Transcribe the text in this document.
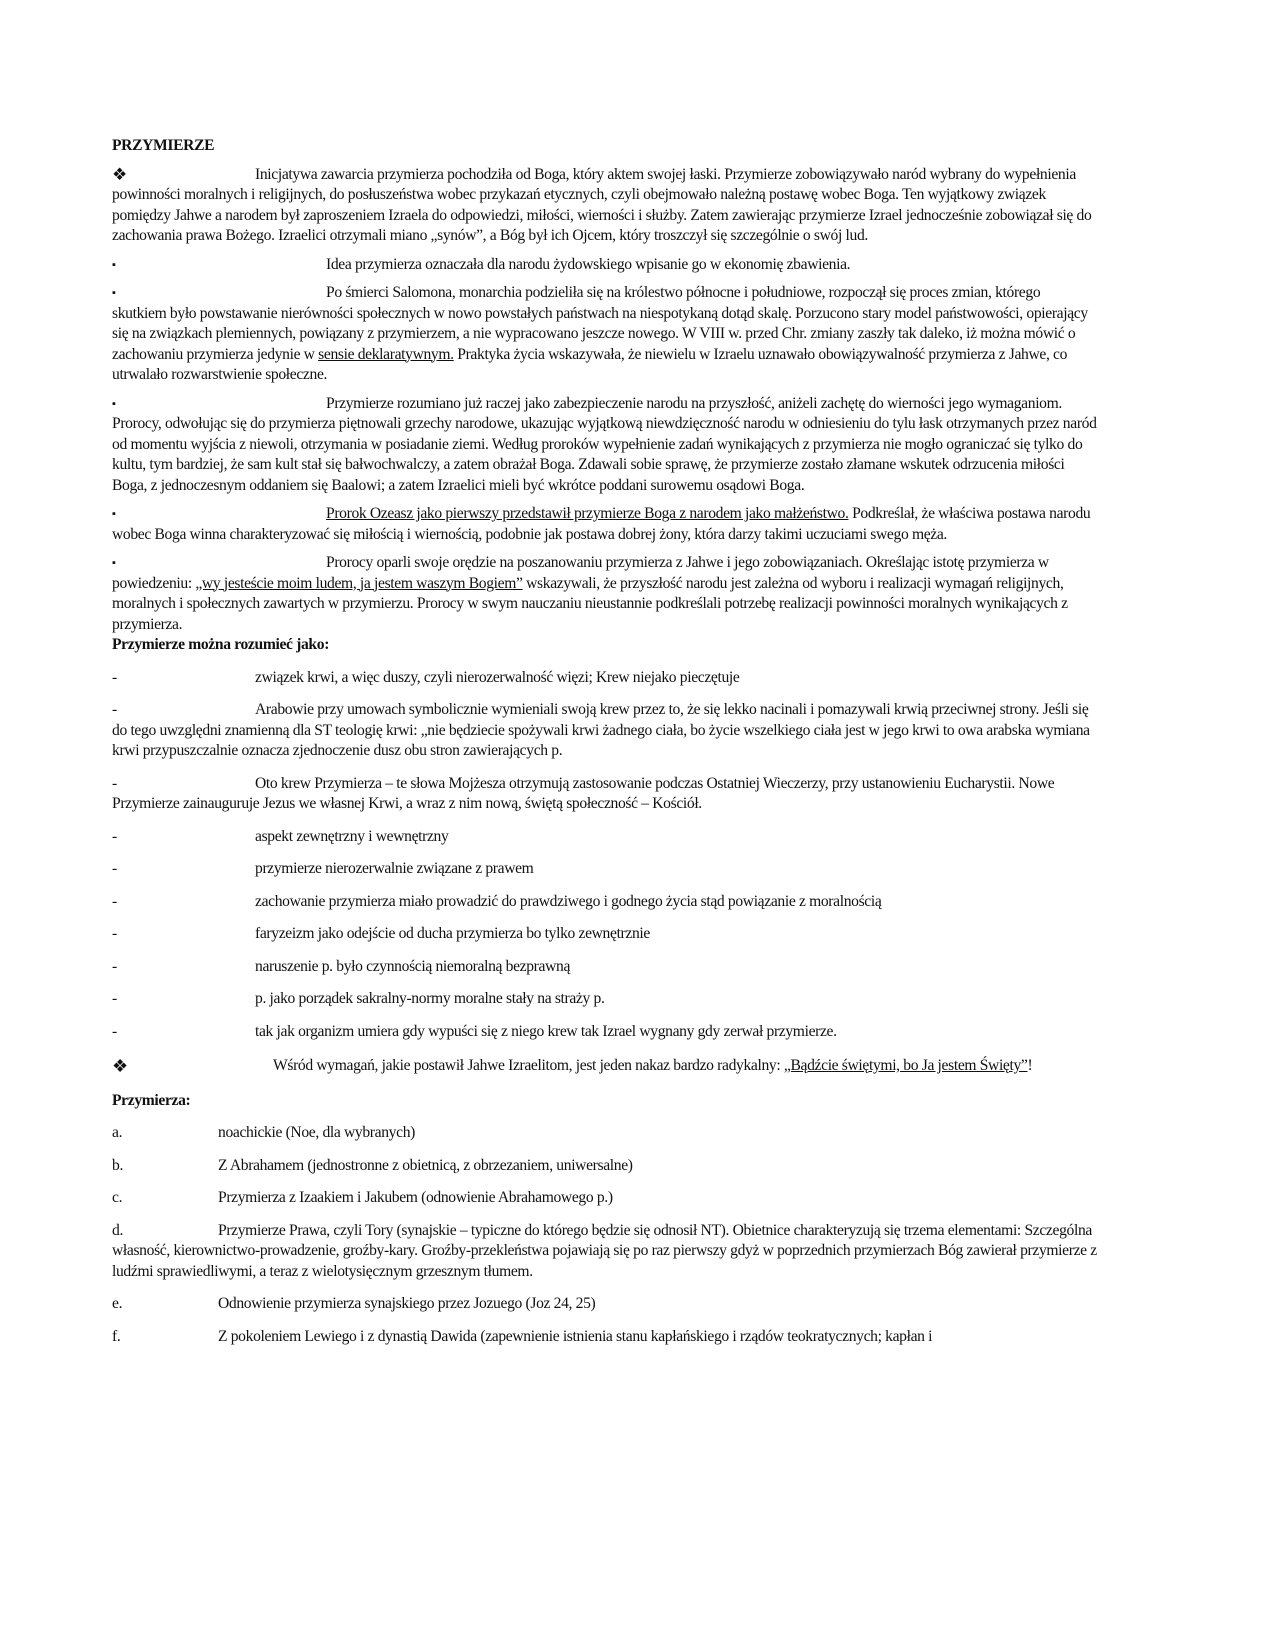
PRZYMIERZE
❖	Inicjatywa zawarcia przymierza pochodziła od Boga, który aktem swojej łaski. Przymierze zobowiązywało naród wybrany do wypełnienia powinności moralnych i religijnych, do posłuszeństwa wobec przykazań etycznych, czyli obejmowało należną postawę wobec Boga. Ten wyjątkowy związek pomiędzy Jahwe a narodem był zaproszeniem Izraela do odpowiedzi, miłości, wierności i służby. Zatem zawierając przymierze Izrael jednocześnie zobowiązał się do zachowania prawa Bożego. Izraelici otrzymali miano „synów”, a Bóg był ich Ojcem, który troszczył się szczególnie o swój lud.
▪	Idea przymierza oznaczała dla narodu żydowskiego wpisanie go w ekonomię zbawienia.
▪	Po śmierci Salomona, monarchia podzieliła się na królestwo północne i południowe, rozpoczął się proces zmian, którego skutkiem było powstawanie nierówności społecznych w nowo powstałych państwach na niespotykaną dotąd skalę. Porzucono stary model państwowości, opierający się na związkach plemiennych, powiązany z przymierzem, a nie wypracowano jeszcze nowego. W VIII w. przed Chr. zmiany zaszły tak daleko, iż można mówić o zachowaniu przymierza jedynie w sensie deklaratywnym. Praktyka życia wskazywała, że niewielu w Izraelu uznawało obowiązywalność przymierza z Jahwe, co utrwalało rozwarstwienie społeczne.
▪	Przymierze rozumiano już raczej jako zabezpieczenie narodu na przyszłość, aniżeli zachętę do wierności jego wymaganiom. Prorocy, odwołując się do przymierza piętnowali grzechy narodowe, ukazując wyjątkową niewdzięczność narodu w odniesieniu do tylu łask otrzymanych przez naród od momentu wyjścia z niewoli, otrzymania w posiadanie ziemi. Według proroków wypełnienie zadań wynikających z przymierza nie mogło ograniczać się tylko do kultu, tym bardziej, że sam kult stał się bałwochwalczy, a zatem obrażał Boga. Zdawali sobie sprawę, że przymierze zostało złamane wskutek odrzucenia miłości Boga, z jednoczesnym oddaniem się Baalowi; a zatem Izraelici mieli być wkrótce poddani surowemu osądowi Boga.
▪	Prorok Ozeasz jako pierwszy przedstawił przymierze Boga z narodem jako małżeństwo. Podkreślał, że właściwa postawa narodu wobec Boga winna charakteryzować się miłością i wiernością, podobnie jak postawa dobrej żony, która darzy takimi uczuciami swego męża.
▪	Prorocy oparli swoje orędzie na poszanowaniu przymierza z Jahwe i jego zobowiązaniach. Określając istotę przymierza w powiedzeniu: „wy jesteście moim ludem, ja jestem waszym Bogiem” wskazywali, że przyszłość narodu jest zależna od wyboru i realizacji wymagań religijnych, moralnych i społecznych zawartych w przymierzu. Prorocy w swym nauczaniu nieustannie podkreślali potrzebę realizacji powinności moralnych wynikających z przymierza.
Przymierze można rozumieć jako:
-	związek krwi, a więc duszy, czyli nierozerwalność więzi; Krew niejako pieczętuje
-	Arabowie przy umowach symbolicznie wymieniali swoją krew przez to, że się lekko nacinali i pomazywali krwią przeciwnej strony. Jeśli się do tego uwzględni znamienną dla ST teologię krwi: „nie będziecie spożywali krwi żadnego ciała, bo życie wszelkiego ciała jest w jego krwi to owa arabska wymiana krwi przypuszczalnie oznacza zjednoczenie dusz obu stron zawierających p.
-	Oto krew Przymierza – te słowa Mojżesza otrzymują zastosowanie podczas Ostatniej Wieczerzy, przy ustanowieniu Eucharystii. Nowe Przymierze zainauguruje Jezus we własnej Krwi, a wraz z nim nową, świętą społeczność – Kościół.
-	aspekt zewnętrzny i wewnętrzny
-	przymierze nierozerwalnie związane z prawem
-	zachowanie przymierza miało prowadzić do prawdziwego i godnego życia stąd powiązanie z moralnością
-	faryzeizm jako odejście od ducha przymierza bo tylko zewnętrznie
-	naruszenie p. było czynnością niemoralną bezprawną
-	p. jako porządek sakralny-normy moralne stały na straży p.
-	tak jak organizm umiera gdy wypuści się z niego krew tak Izrael wygnany gdy zerwał przymierze.
❖	Wśród wymagań, jakie postawił Jahwe Izraelitom, jest jeden nakaz bardzo radykalny: „Bądźcie świętymi, bo Ja jestem Święty”!
Przymierza:
a.	noachickie (Noe, dla wybranych)
b.	Z Abrahamem (jednostronne z obietnicą, z obrzezaniem, uniwersalne)
c.	Przymierza z Izaakiem i Jakubem (odnowienie Abrahamowego p.)
d.	Przymierze Prawa, czyli Tory (synajskie – typiczne do którego będzie się odnosił NT). Obietnice charakteryzują się trzema elementami: Szczególna własność, kierownictwo-prowadzenie, groźby-kary. Groźby-przekleństwa pojawiają się po raz pierwszy gdyż w poprzednich przymierzach Bóg zawierał przymierze z ludźmi sprawiedliwymi, a teraz z wielotysięcznym grzesznym tłumem.
e.	Odnowienie przymierza synajskiego przez Jozuego (Joz 24, 25)
f.	Z pokoleniem Lewiego i z dynastią Dawida (zapewnienie istnienia stanu kapłańskiego i rządów teokratycznych; kapłan i
